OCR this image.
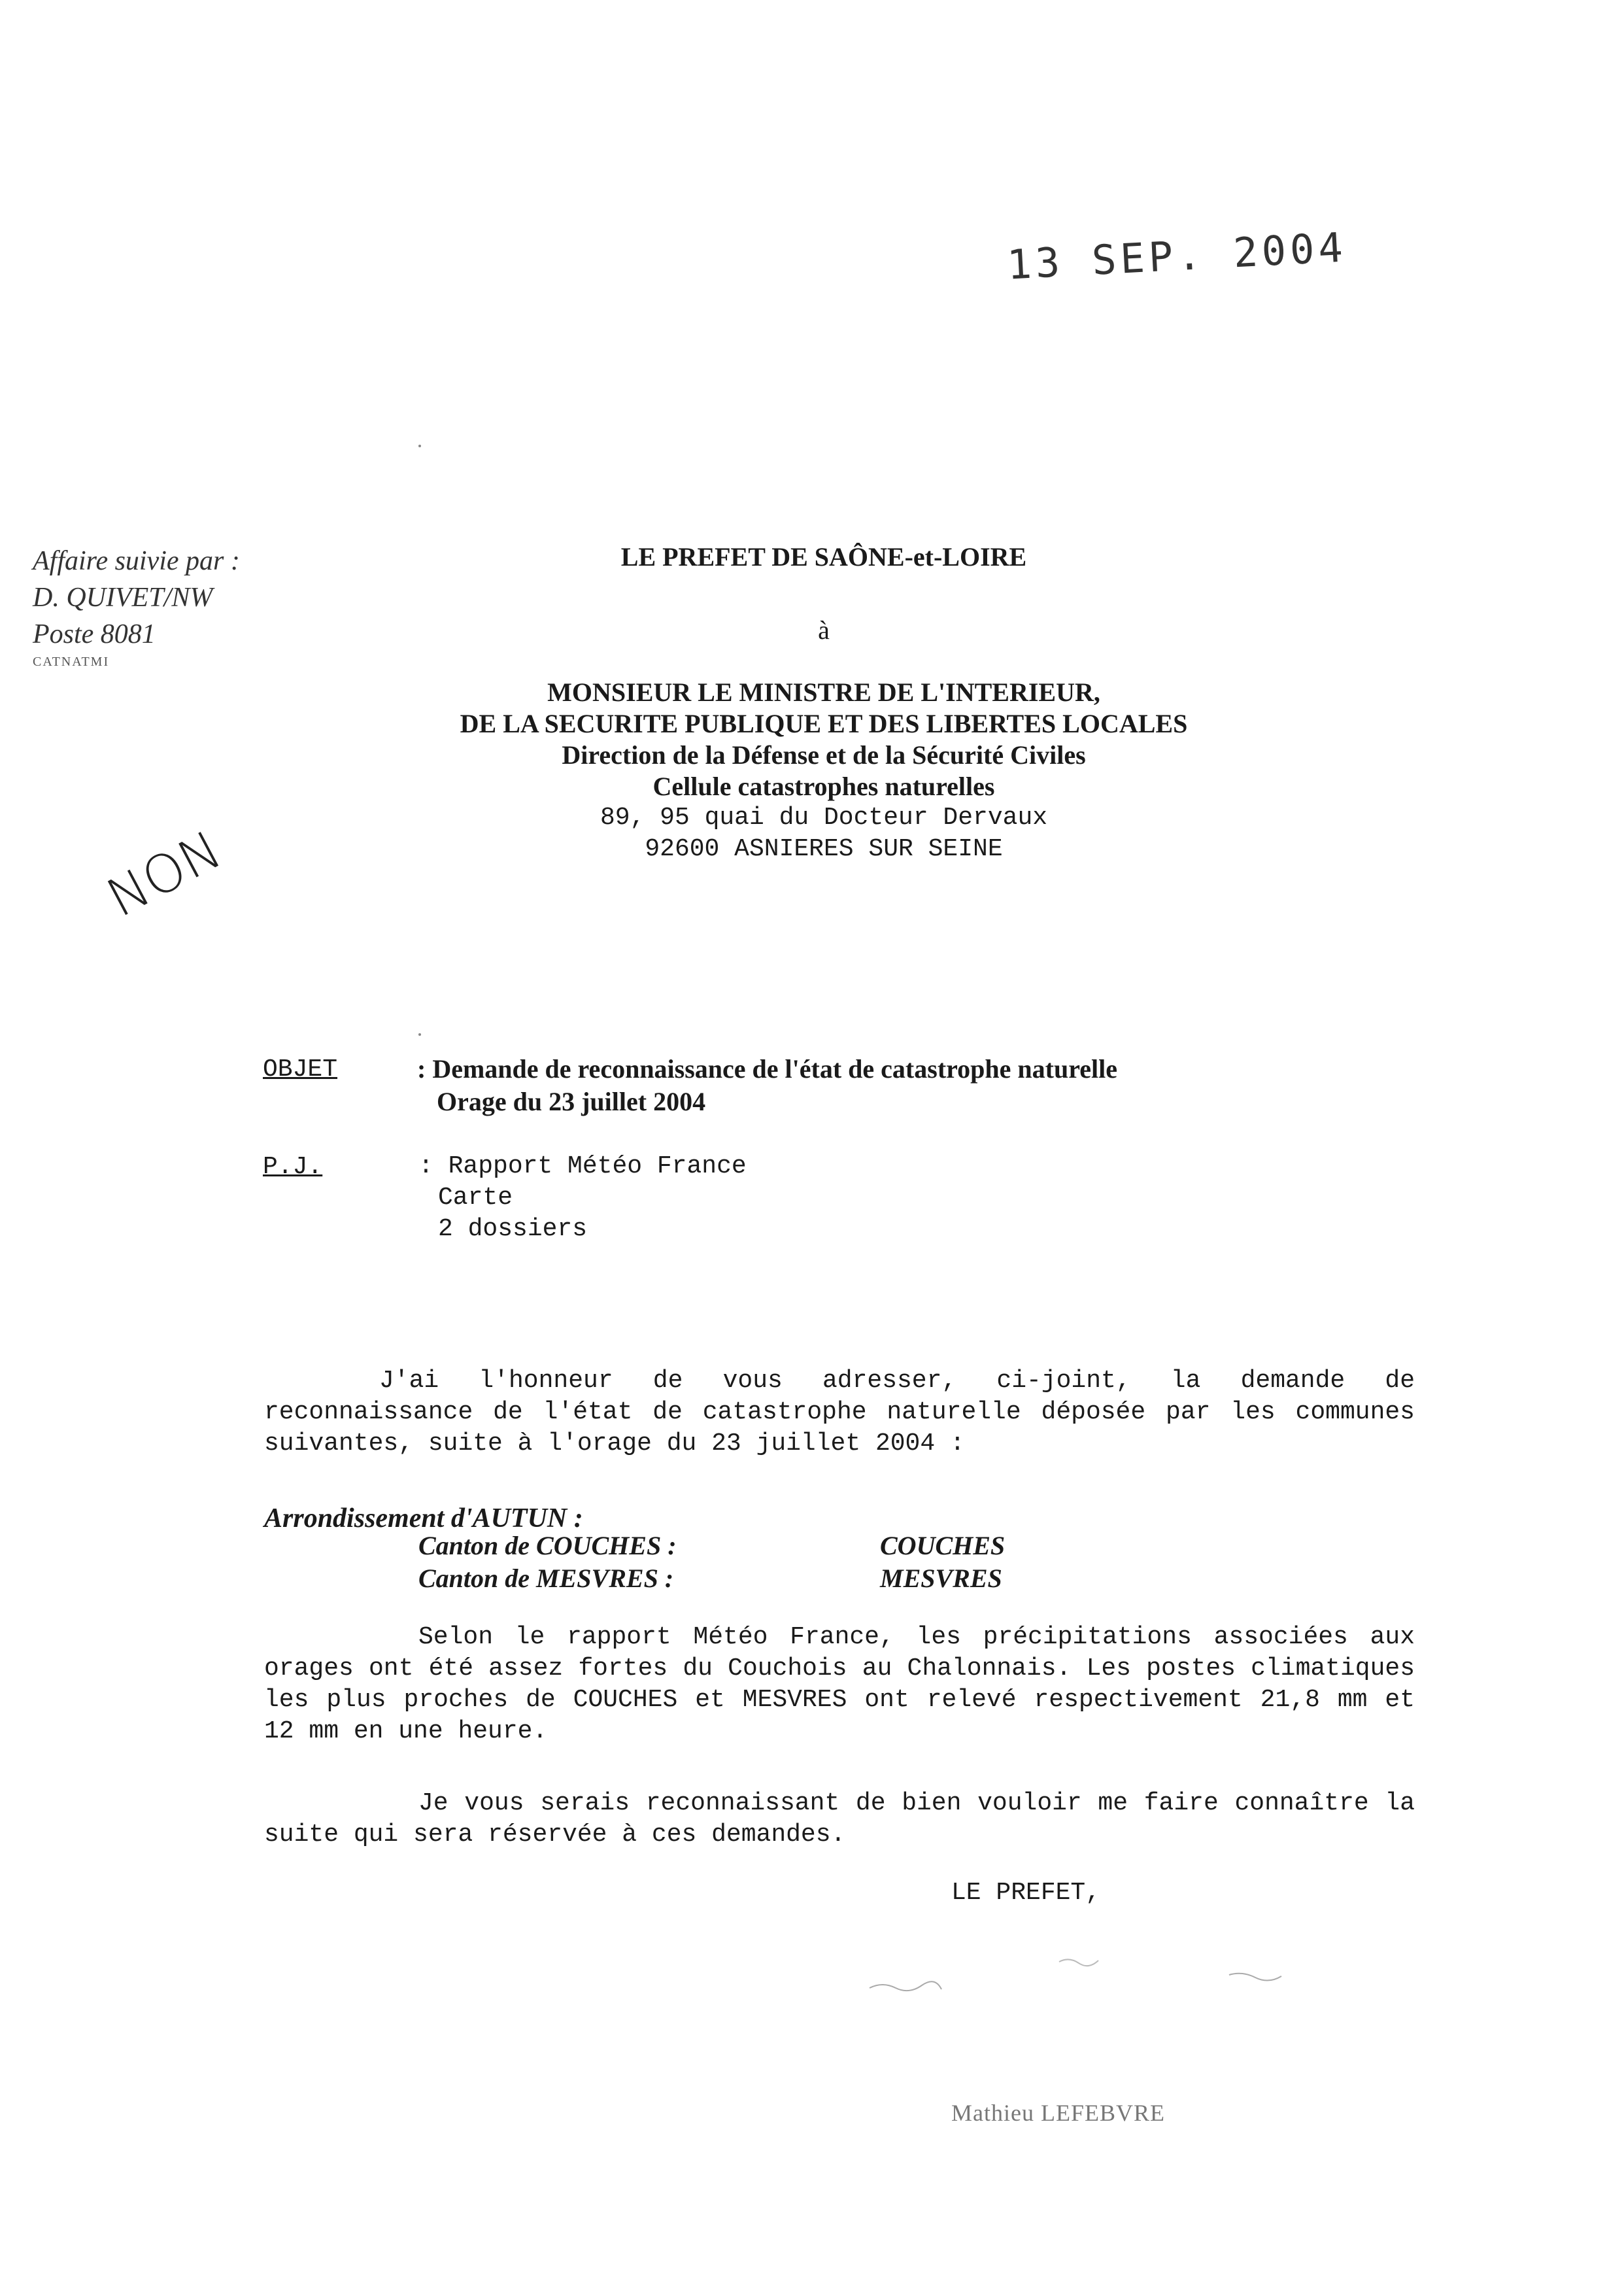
13 SEP. 2004
Affaire suivie par :
D. QUIVET/NW
Poste 8081
CATNATMI
LE PREFET DE SAÔNE-et-LOIRE
à
MONSIEUR LE MINISTRE DE L'INTERIEUR,
DE LA SECURITE PUBLIQUE ET DES LIBERTES LOCALES
Direction de la Défense et de la Sécurité Civiles
Cellule catastrophes naturelles
89, 95 quai du Docteur Dervaux
92600 ASNIERES SUR SEINE
NON
OBJET	: Demande de reconnaissance de l'état de catastrophe naturelle
Orage du 23 juillet 2004
P.J.	: Rapport Météo France
Carte
2 dossiers
J'ai l'honneur de vous adresser, ci-joint, la demande de reconnaissance de l'état de catastrophe naturelle déposée par les communes suivantes, suite à l'orage du 23 juillet 2004 :
Arrondissement d'AUTUN :
Canton de COUCHES :	COUCHES
Canton de MESVRES :	MESVRES
Selon le rapport Météo France, les précipitations associées aux orages ont été assez fortes du Couchois au Chalonnais. Les postes climatiques les plus proches de COUCHES et MESVRES ont relevé respectivement 21,8 mm et 12 mm en une heure.
Je vous serais reconnaissant de bien vouloir me faire connaître la suite qui sera réservée à ces demandes.
LE PREFET,
Mathieu LEFEBVRE
